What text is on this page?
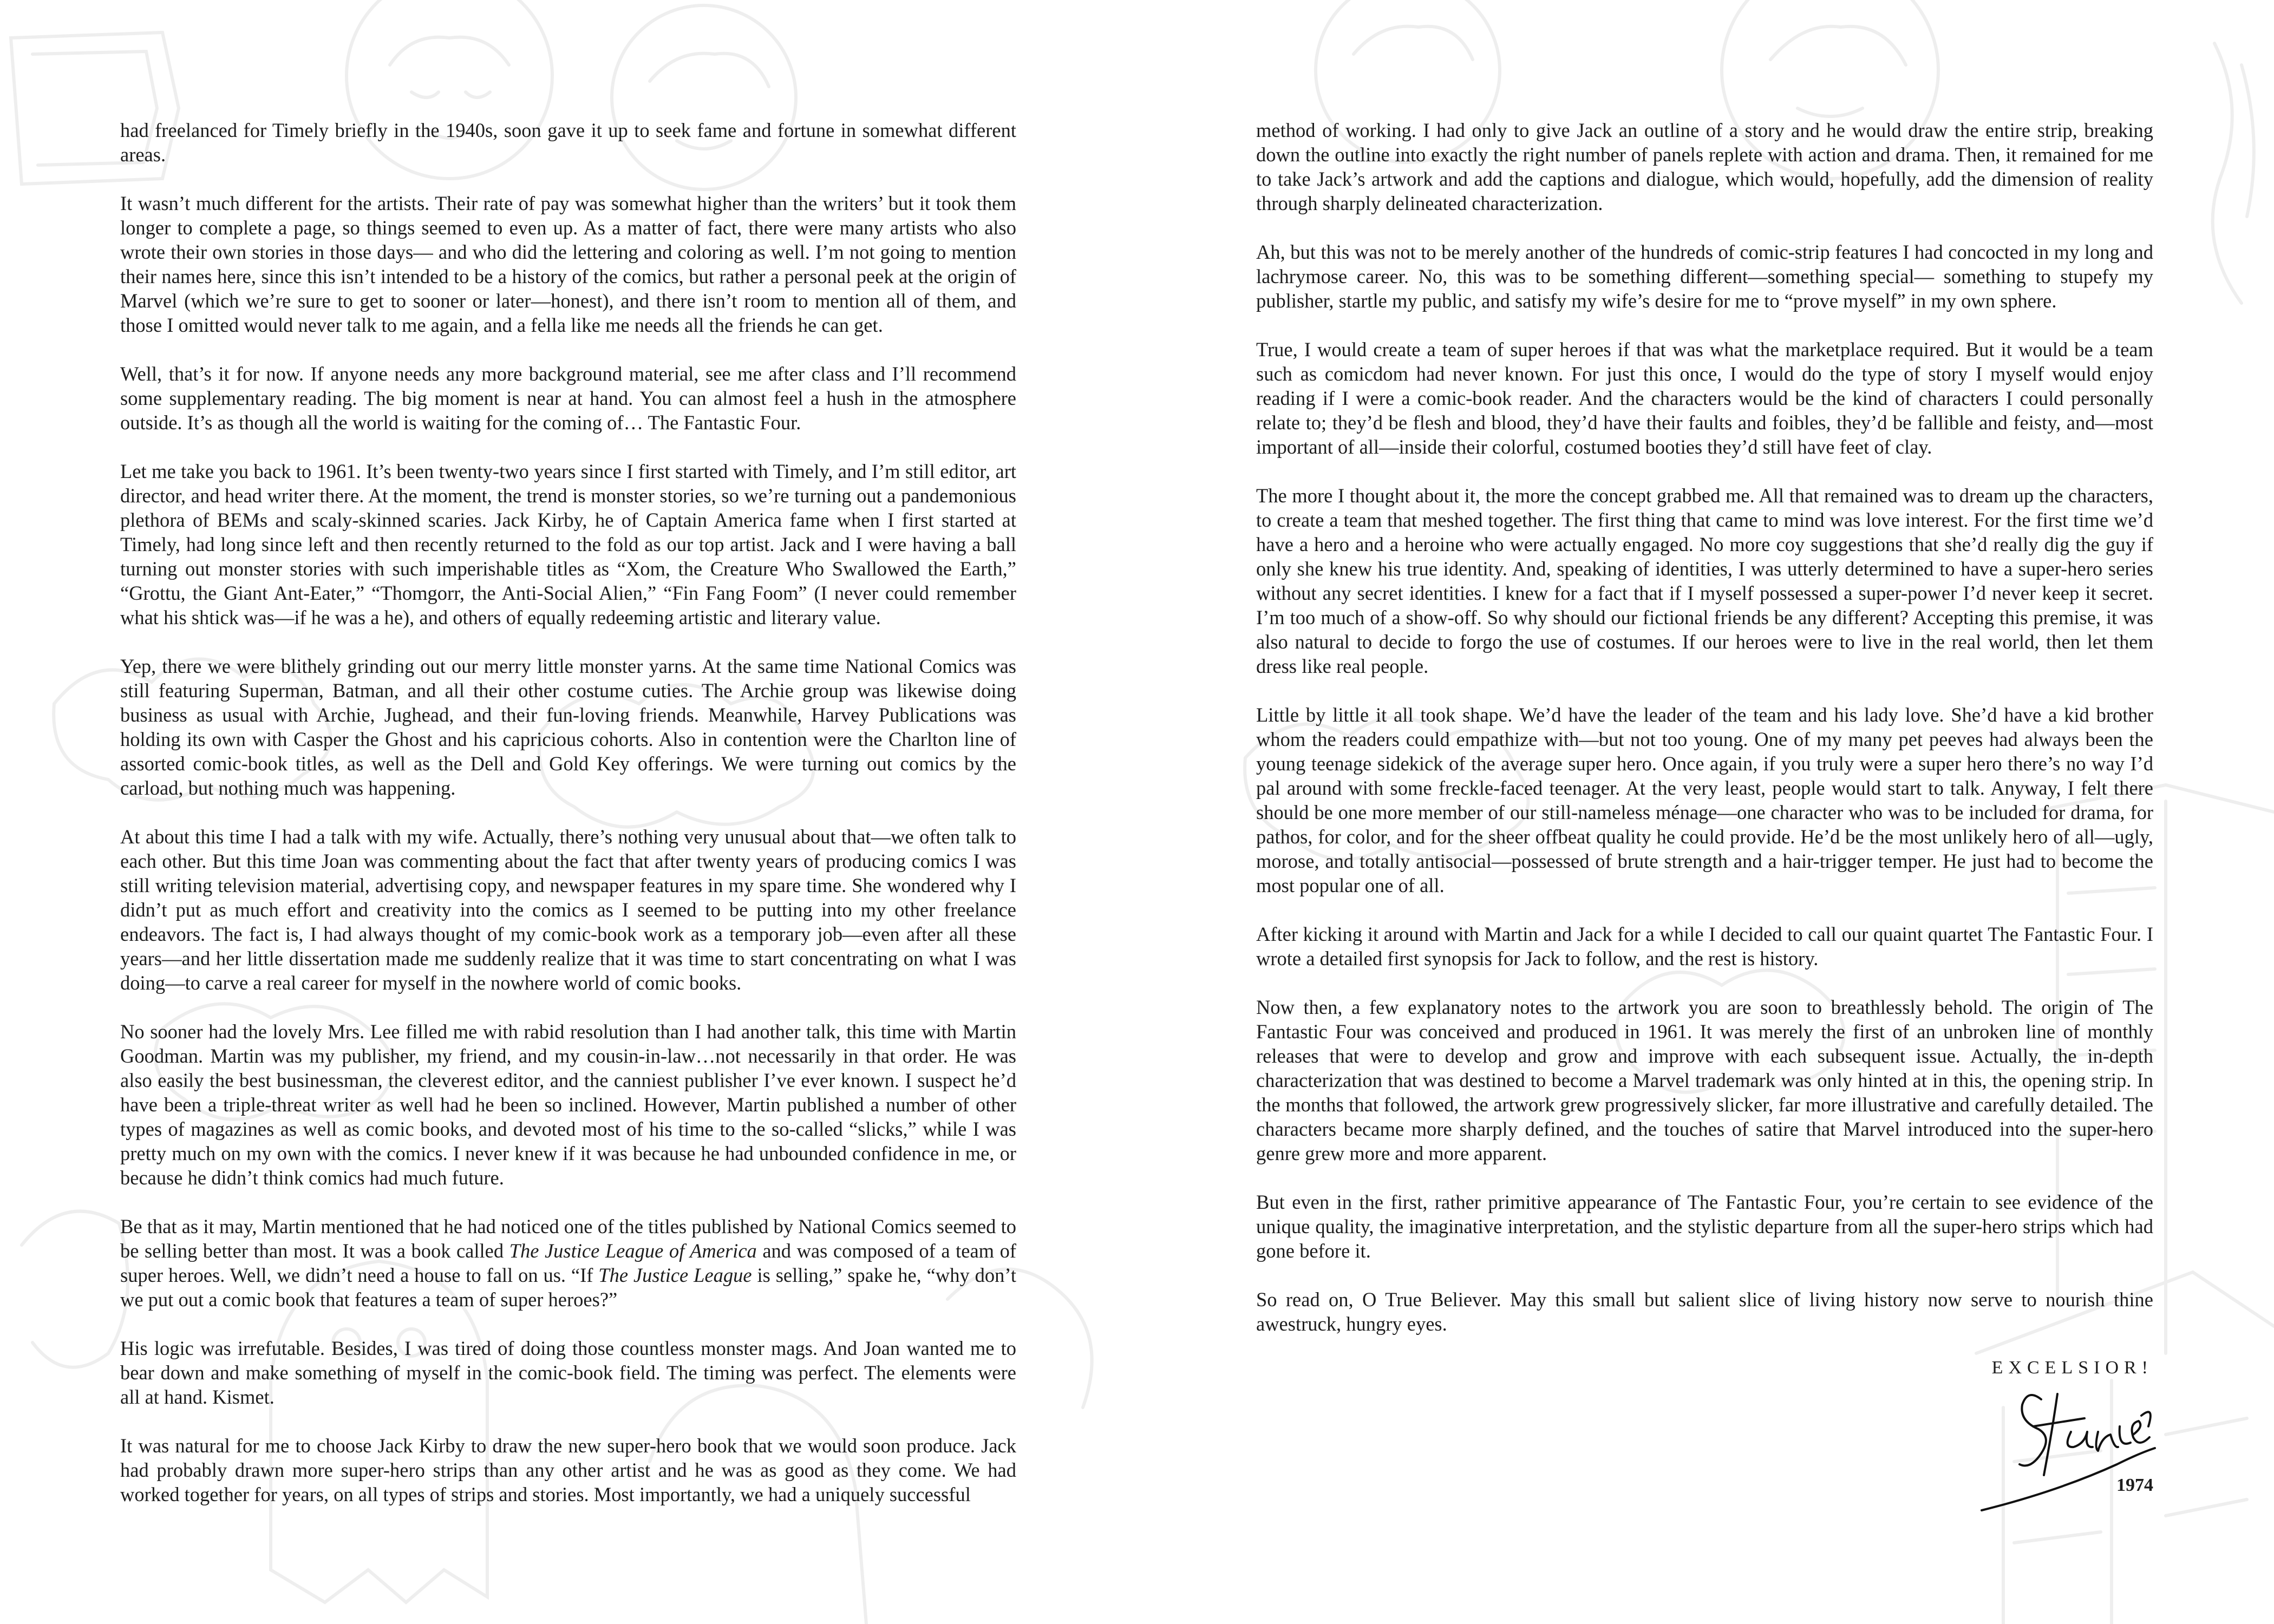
had freelanced for Timely briefly in the 1940s, soon gave it up to seek fame and fortune in somewhat different areas.

It wasn’t much different for the artists. Their rate of pay was somewhat higher than the writers’ but it took them longer to complete a page, so things seemed to even up. As a matter of fact, there were many artists who also wrote their own stories in those days— and who did the lettering and coloring as well. I’m not going to mention their names here, since this isn’t intended to be a history of the comics, but rather a personal peek at the origin of Marvel (which we’re sure to get to sooner or later—honest), and there isn’t room to mention all of them, and those I omitted would never talk to me again, and a fella like me needs all the friends he can get.

Well, that’s it for now. If anyone needs any more background material, see me after class and I’ll recommend some supplementary reading. The big moment is near at hand. You can almost feel a hush in the atmosphere outside. It’s as though all the world is waiting for the coming of… The Fantastic Four.

Let me take you back to 1961. It’s been twenty-two years since I first started with Timely, and I’m still editor, art director, and head writer there. At the moment, the trend is monster stories, so we’re turning out a pandemonious plethora of BEMs and scaly-skinned scaries. Jack Kirby, he of Captain America fame when I first started at Timely, had long since left and then recently returned to the fold as our top artist. Jack and I were having a ball turning out monster stories with such imperishable titles as “Xom, the Creature Who Swallowed the Earth,” “Grottu, the Giant Ant-Eater,” “Thomgorr, the Anti-Social Alien,” “Fin Fang Foom” (I never could remember what his shtick was—if he was a he), and others of equally redeeming artistic and literary value.

Yep, there we were blithely grinding out our merry little monster yarns. At the same time National Comics was still featuring Superman, Batman, and all their other costume cuties. The Archie group was likewise doing business as usual with Archie, Jughead, and their fun-loving friends. Meanwhile, Harvey Publications was holding its own with Casper the Ghost and his capricious cohorts. Also in contention were the Charlton line of assorted comic-book titles, as well as the Dell and Gold Key offerings. We were turning out comics by the carload, but nothing much was happening.

At about this time I had a talk with my wife. Actually, there’s nothing very unusual about that—we often talk to each other. But this time Joan was commenting about the fact that after twenty years of producing comics I was still writing television material, advertising copy, and newspaper features in my spare time. She wondered why I didn’t put as much effort and creativity into the comics as I seemed to be putting into my other freelance endeavors. The fact is, I had always thought of my comic-book work as a temporary job—even after all these years—and her little dissertation made me suddenly realize that it was time to start concentrating on what I was doing—to carve a real career for myself in the nowhere world of comic books.

No sooner had the lovely Mrs. Lee filled me with rabid resolution than I had another talk, this time with Martin Goodman. Martin was my publisher, my friend, and my cousin-in-law…not necessarily in that order. He was also easily the best businessman, the cleverest editor, and the canniest publisher I’ve ever known. I suspect he’d have been a triple-threat writer as well had he been so inclined. However, Martin published a number of other types of magazines as well as comic books, and devoted most of his time to the so-called “slicks,” while I was pretty much on my own with the comics. I never knew if it was because he had unbounded confidence in me, or because he didn’t think comics had much future.

Be that as it may, Martin mentioned that he had noticed one of the titles published by National Comics seemed to be selling better than most. It was a book called The Justice League of America and was composed of a team of super heroes. Well, we didn’t need a house to fall on us. “If The Justice League is selling,” spake he, “why don’t we put out a comic book that features a team of super heroes?”

His logic was irrefutable. Besides, I was tired of doing those countless monster mags. And Joan wanted me to bear down and make something of myself in the comic-book field. The timing was perfect. The elements were all at hand. Kismet.

It was natural for me to choose Jack Kirby to draw the new super-hero book that we would soon produce. Jack had probably drawn more super-hero strips than any other artist and he was as good as they come. We had worked together for years, on all types of strips and stories. Most importantly, we had a uniquely successful

method of working. I had only to give Jack an outline of a story and he would draw the entire strip, breaking down the outline into exactly the right number of panels replete with action and drama. Then, it remained for me to take Jack’s artwork and add the captions and dialogue, which would, hopefully, add the dimension of reality through sharply delineated characterization.

Ah, but this was not to be merely another of the hundreds of comic-strip features I had concocted in my long and lachrymose career. No, this was to be something different—something special— something to stupefy my publisher, startle my public, and satisfy my wife’s desire for me to “prove myself” in my own sphere.

True, I would create a team of super heroes if that was what the marketplace required. But it would be a team such as comicdom had never known. For just this once, I would do the type of story I myself would enjoy reading if I were a comic-book reader. And the characters would be the kind of characters I could personally relate to; they’d be flesh and blood, they’d have their faults and foibles, they’d be fallible and feisty, and—most important of all—inside their colorful, costumed booties they’d still have feet of clay.

The more I thought about it, the more the concept grabbed me. All that remained was to dream up the characters, to create a team that meshed together. The first thing that came to mind was love interest. For the first time we’d have a hero and a heroine who were actually engaged. No more coy suggestions that she’d really dig the guy if only she knew his true identity. And, speaking of identities, I was utterly determined to have a super-hero series without any secret identities. I knew for a fact that if I myself possessed a super-power I’d never keep it secret. I’m too much of a show-off. So why should our fictional friends be any different? Accepting this premise, it was also natural to decide to forgo the use of costumes. If our heroes were to live in the real world, then let them dress like real people.

Little by little it all took shape. We’d have the leader of the team and his lady love. She’d have a kid brother whom the readers could empathize with—but not too young. One of my many pet peeves had always been the young teenage sidekick of the average super hero. Once again, if you truly were a super hero there’s no way I’d pal around with some freckle-faced teenager. At the very least, people would start to talk. Anyway, I felt there should be one more member of our still-nameless ménage—one character who was to be included for drama, for pathos, for color, and for the sheer offbeat quality he could provide. He’d be the most unlikely hero of all—ugly, morose, and totally antisocial—possessed of brute strength and a hair-trigger temper. He just had to become the most popular one of all.

After kicking it around with Martin and Jack for a while I decided to call our quaint quartet The Fantastic Four. I wrote a detailed first synopsis for Jack to follow, and the rest is history.

Now then, a few explanatory notes to the artwork you are soon to breathlessly behold. The origin of The Fantastic Four was conceived and produced in 1961. It was merely the first of an unbroken line of monthly releases that were to develop and grow and improve with each subsequent issue. Actually, the in-depth characterization that was destined to become a Marvel trademark was only hinted at in this, the opening strip. In the months that followed, the artwork grew progressively slicker, far more illustrative and carefully detailed. The characters became more sharply defined, and the touches of satire that Marvel introduced into the super-hero genre grew more and more apparent.

But even in the first, rather primitive appearance of The Fantastic Four, you’re certain to see evidence of the unique quality, the imaginative interpretation, and the stylistic departure from all the super-hero strips which had gone before it.

So read on, O True Believer. May this small but salient slice of living history now serve to nourish thine awestruck, hungry eyes.

EXCELSIOR!
1974
